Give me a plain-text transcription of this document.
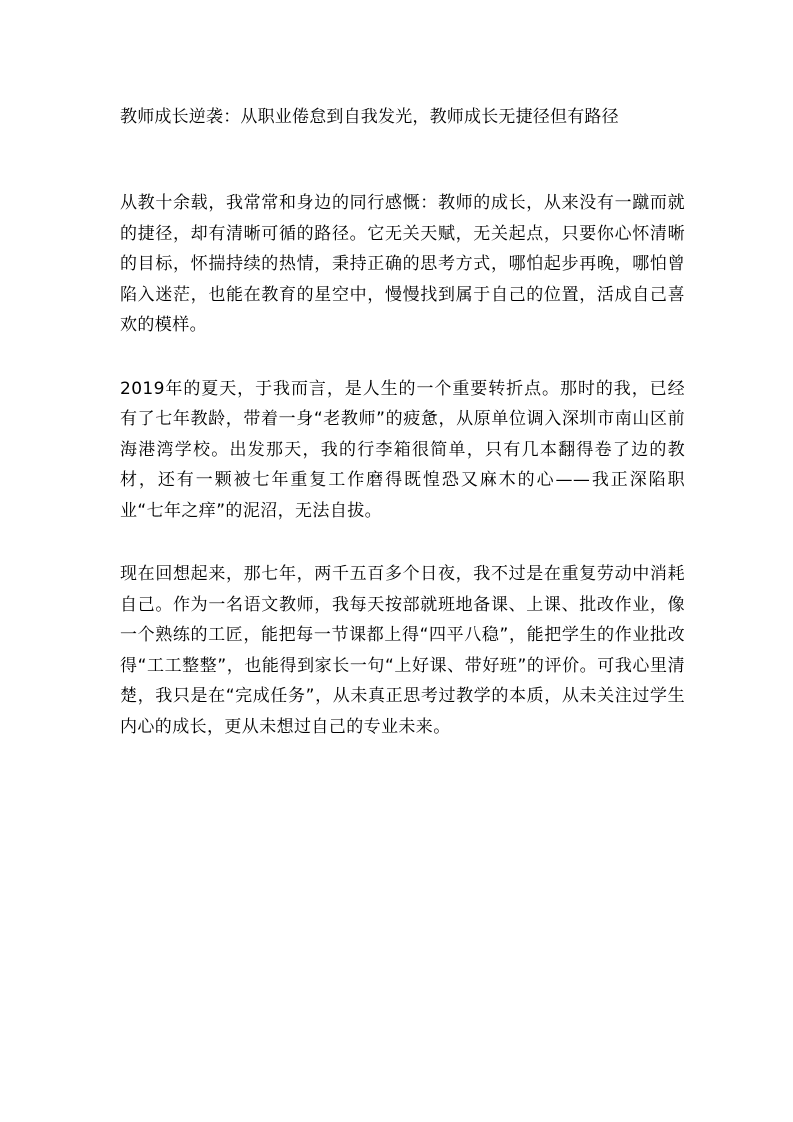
教师成长逆袭：从职业倦怠到自我发光，教师成长无捷径但有路径

从教十余载，我常常和身边的同行感慨：教师的成长，从来没有一蹴而就的捷径，却有清晰可循的路径。它无关天赋，无关起点，只要你心怀清晰的目标，怀揣持续的热情，秉持正确的思考方式，哪怕起步再晚，哪怕曾陷入迷茫，也能在教育的星空中，慢慢找到属于自己的位置，活成自己喜欢的模样。

2019年的夏天，于我而言，是人生的一个重要转折点。那时的我，已经有了七年教龄，带着一身“老教师”的疲惫，从原单位调入深圳市南山区前海港湾学校。出发那天，我的行李箱很简单，只有几本翻得卷了边的教材，还有一颗被七年重复工作磨得既惶恐又麻木的心——我正深陷职业“七年之痒”的泥沼，无法自拔。

现在回想起来，那七年，两千五百多个日夜，我不过是在重复劳动中消耗自己。作为一名语文教师，我每天按部就班地备课、上课、批改作业，像一个熟练的工匠，能把每一节课都上得“四平八稳”，能把学生的作业批改得“工工整整”，也能得到家长一句“上好课、带好班”的评价。可我心里清楚，我只是在“完成任务”，从未真正思考过教学的本质，从未关注过学生内心的成长，更从未想过自己的专业未来。
